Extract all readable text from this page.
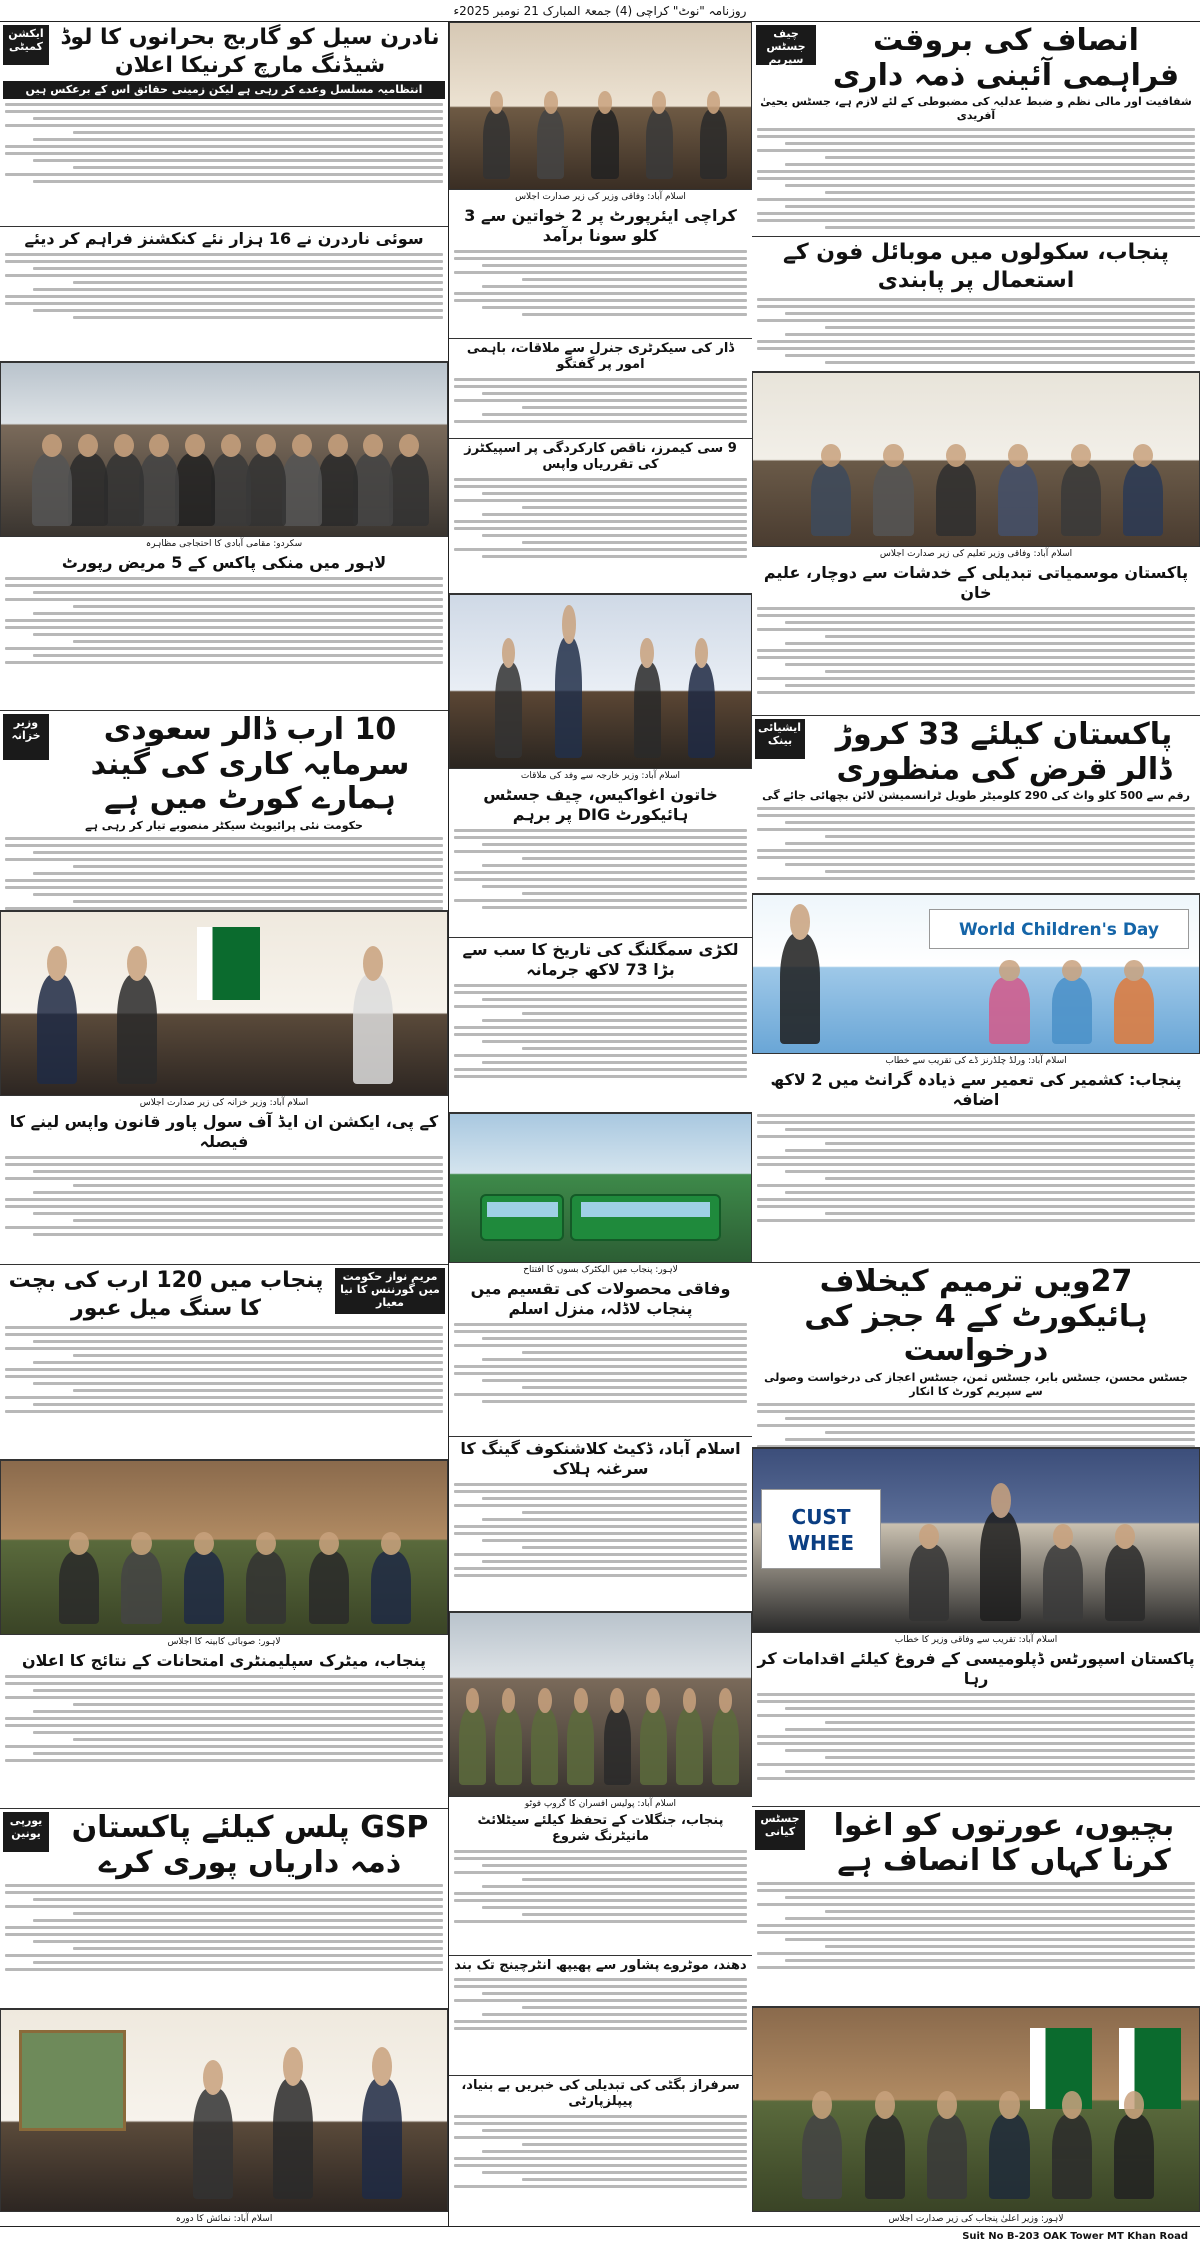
روزنامہ "نوٹ" کراچی (4) جمعۃ المبارک 21 نومبر 2025ء
چیف جسٹس سپریم کورٹ
انصاف کی بروقت فراہمی آئینی ذمہ داری
شفافیت اور مالی نظم و ضبط عدلیہ کی مضبوطی کے لئے لازم ہے، جسٹس یحییٰ آفریدی
پنجاب، سکولوں میں موبائل فون کے استعمال پر پابندی
اسلام آباد: وفاقی وزیر تعلیم کی زیر صدارت اجلاس
پاکستان موسمیاتی تبدیلی کے خدشات سے دوچار، علیم خان
ایشیائی بینک	پاکستان کیلئے 33 کروڑ ڈالر قرض کی منظوری
رقم سے 500 کلو واٹ کی 290 کلومیٹر طویل ٹرانسمیشن لائن بچھائی جائے گی
World Children's Day
اسلام آباد: ورلڈ چلڈرنز ڈے کی تقریب سے خطاب
پنجاب: کشمیر کی تعمیر سے ذیادہ گرانٹ میں 2 لاکھ اضافہ
27ویں ترمیم کیخلاف ہائیکورٹ کے 4 ججز کی درخواست
جسٹس محسن، جسٹس بابر، جسٹس ثمن، جسٹس اعجاز کی درخواست وصولی سے سپریم کورٹ کا انکار
CUST WHEE
اسلام آباد: تقریب سے وفاقی وزیر کا خطاب
پاکستان اسپورٹس ڈپلومیسی کے فروغ کیلئے اقدامات کر رہا
جسٹس کیانی	بچیوں، عورتوں کو اغوا کرنا کہاں کا انصاف ہے
لاہور: وزیر اعلیٰ پنجاب کی زیر صدارت اجلاس
اسلام آباد: وفاقی وزیر کی زیر صدارت اجلاس
کراچی ایئرپورٹ پر 2 خواتین سے 3 کلو سونا برآمد
ڈار کی سیکرٹری جنرل سے ملاقات، باہمی امور پر گفتگو
9 سی کیمرز، ناقص کارکردگی پر اسپیکٹرز کی تقرریاں واپس
اسلام آباد: وزیر خارجہ سے وفد کی ملاقات
خاتون اغواکیس، چیف جسٹس ہائیکورٹ DIG پر برہم
لکڑی سمگلنگ کی تاریخ کا سب سے بڑا 73 لاکھ جرمانہ
لاہور: پنجاب میں الیکٹرک بسوں کا افتتاح
وفاقی محصولات کی تقسیم میں پنجاب لاڈلہ، منزل اسلم
اسلام آباد، ڈکیٹ کلاشنکوف گینگ کا سرغنہ ہلاک
اسلام آباد: پولیس افسران کا گروپ فوٹو
پنجاب، جنگلات کے تحفظ کیلئے سیٹلائٹ مانیٹرنگ شروع
دھند، موٹروے پشاور سے پھیپھ انٹرچینج تک بند
سرفراز بگٹی کی تبدیلی کی خبریں بے بنیاد، پیپلزپارٹی
ایکشن کمیٹی نادرن سیل کو گاربج بحرانوں کا لوڈ شیڈنگ مارچ کرنیکا اعلان
انتظامیہ مسلسل وعدے کر رہی ہے لیکن زمینی حقائق اس کے برعکس ہیں
سوئی ناردرن نے 16 ہزار نئے کنکشنز فراہم کر دیئے
سکردو: مقامی آبادی کا احتجاجی مظاہرہ
لاہور میں منکی پاکس کے 5 مریض رپورٹ
وزیر خزانہ	10 ارب ڈالر سعودی سرمایہ کاری کی گیند ہمارے کورٹ میں ہے
حکومت نئی پرائیویٹ سیکٹر منصوبے تیار کر رہی ہے
اسلام آباد: وزیر خزانہ کی زیر صدارت اجلاس
کے پی، ایکشن ان ایڈ آف سول پاور قانون واپس لینے کا فیصلہ
مریم نواز حکومت میں گورننس کا نیا معیار
پنجاب میں 120 ارب کی بچت کا سنگ میل عبور
لاہور: صوبائی کابینہ کا اجلاس
پنجاب، میٹرک سپلیمنٹری امتحانات کے نتائج کا اعلان
یورپی یونین	GSP پلس کیلئے پاکستان ذمہ داریاں پوری کرے
اسلام آباد: نمائش کا دورہ
Suit No B-203 OAK Tower MT Khan Road
